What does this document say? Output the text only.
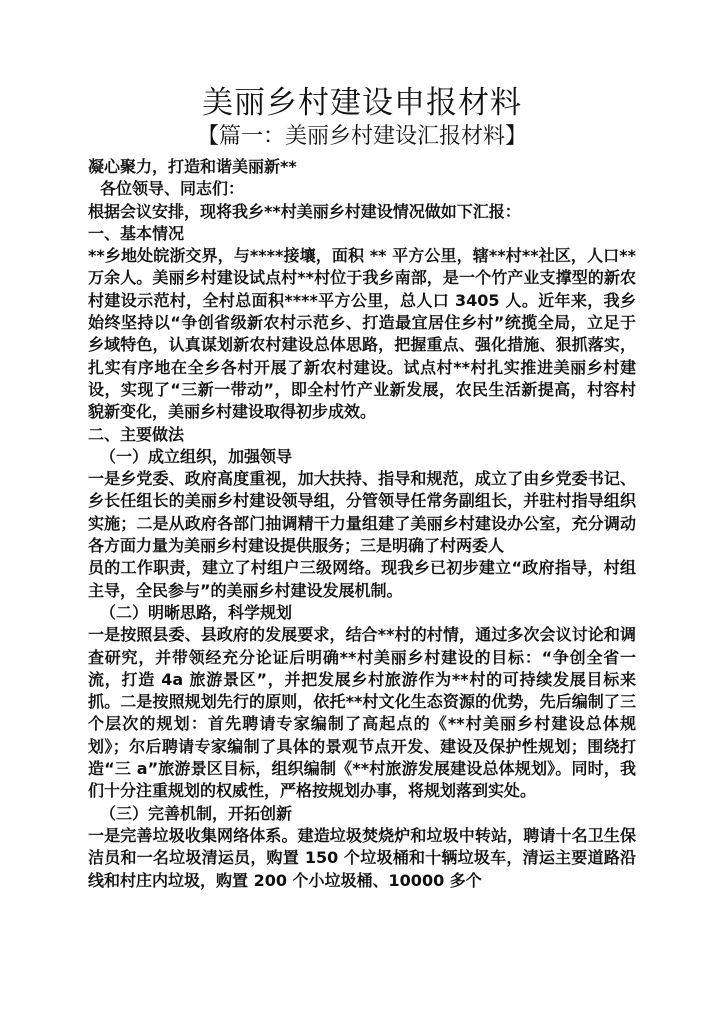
美丽乡村建设申报材料
【篇一：美丽乡村建设汇报材料】

凝心聚力，打造和谐美丽新**

各位领导、同志们：

根据会议安排，现将我乡**村美丽乡村建设情况做如下汇报：

一、基本情况

**乡地处皖浙交界，与****接壤，面积 ** 平方公里，辖**村**社区，人口**万余人。美丽乡村建设试点村**村位于我乡南部，是一个竹产业支撑型的新农村建设示范村，全村总面积****平方公里，总人口 3405 人。近年来，我乡始终坚持以“争创省级新农村示范乡、打造最宜居住乡村”统揽全局，立足于乡域特色，认真谋划新农村建设总体思路，把握重点、强化措施、狠抓落实，扎实有序地在全乡各村开展了新农村建设。试点村**村扎实推进美丽乡村建设，实现了“三新一带动”，即全村竹产业新发展，农民生活新提高，村容村貌新变化，美丽乡村建设取得初步成效。

二、主要做法

（一）成立组织，加强领导

一是乡党委、政府高度重视，加大扶持、指导和规范，成立了由乡党委书记、乡长任组长的美丽乡村建设领导组，分管领导任常务副组长，并驻村指导组织实施；二是从政府各部门抽调精干力量组建了美丽乡村建设办公室，充分调动各方面力量为美丽乡村建设提供服务；三是明确了村两委人

员的工作职责，建立了村组户三级网络。现我乡已初步建立“政府指导，村组主导，全民参与”的美丽乡村建设发展机制。

（二）明晰思路，科学规划

一是按照县委、县政府的发展要求，结合**村的村情，通过多次会议讨论和调查研究，并带领经充分论证后明确**村美丽乡村建设的目标：“争创全省一流，打造 4a 旅游景区”，并把发展乡村旅游作为**村的可持续发展目标来抓。二是按照规划先行的原则，依托**村文化生态资源的优势，先后编制了三个层次的规划：首先聘请专家编制了高起点的《**村美丽乡村建设总体规划》；尔后聘请专家编制了具体的景观节点开发、建设及保护性规划；围绕打造“三 a”旅游景区目标，组织编制《**村旅游发展建设总体规划》。同时，我们十分注重规划的权威性，严格按规划办事，将规划落到实处。

（三）完善机制，开拓创新

一是完善垃圾收集网络体系。建造垃圾焚烧炉和垃圾中转站，聘请十名卫生保洁员和一名垃圾清运员，购置 150 个垃圾桶和十辆垃圾车，清运主要道路沿线和村庄内垃圾，购置 200 个小垃圾桶、10000 多个
